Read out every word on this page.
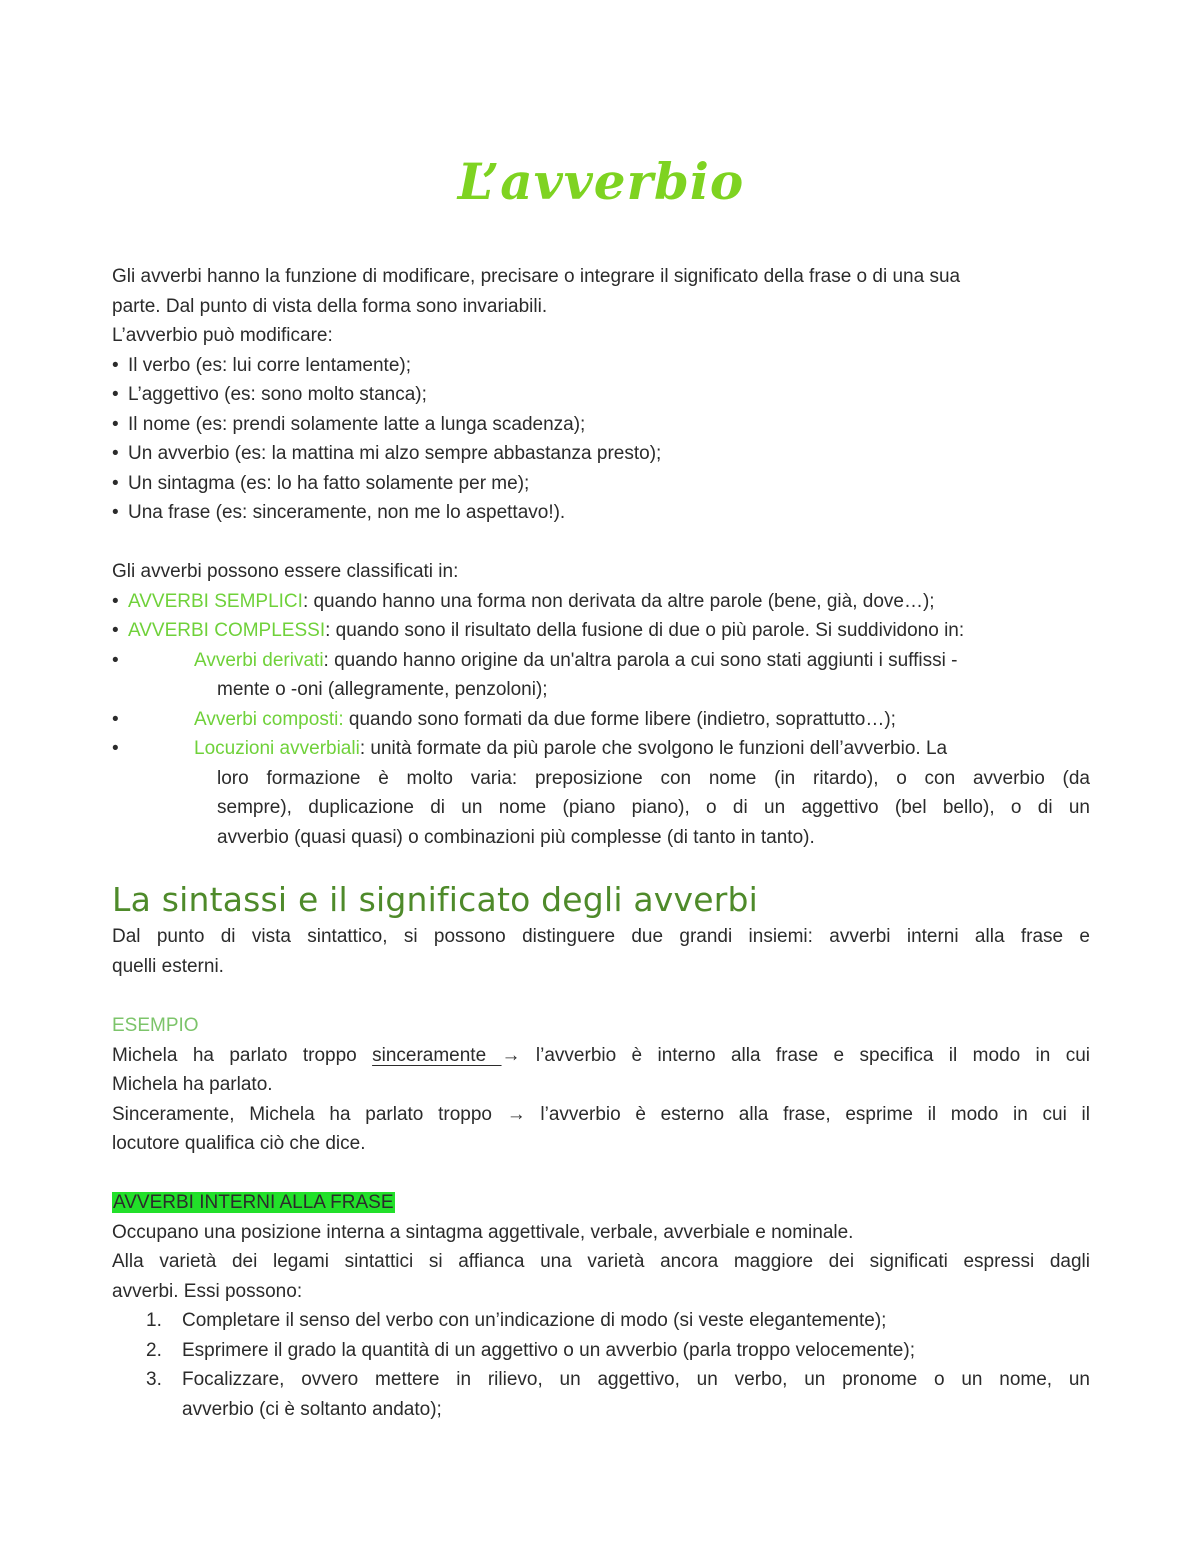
L’avverbio
Gli avverbi hanno la funzione di modificare, precisare o integrare il significato della frase o di una sua
parte. Dal punto di vista della forma sono invariabili.
L’avverbio può modificare:
• Il verbo (es: lui corre lentamente);
• L’aggettivo (es: sono molto stanca);
• Il nome (es: prendi solamente latte a lunga scadenza);
• Un avverbio (es: la mattina mi alzo sempre abbastanza presto);
• Un sintagma (es: lo ha fatto solamente per me);
• Una frase (es: sinceramente, non me lo aspettavo!).
Gli avverbi possono essere classificati in:
• AVVERBI SEMPLICI: quando hanno una forma non derivata da altre parole (bene, già, dove…);
• AVVERBI COMPLESSI: quando sono il risultato della fusione di due o più parole. Si suddividono in:
•	Avverbi derivati: quando hanno origine da un'altra parola a cui sono stati aggiunti i suffissi -
mente o -oni (allegramente, penzoloni);
•	Avverbi composti: quando sono formati da due forme libere (indietro, soprattutto…);
•	Locuzioni avverbiali: unità formate da più parole che svolgono le funzioni dell’avverbio. La
loro formazione è molto varia: preposizione con nome (in ritardo), o con avverbio (da
sempre), duplicazione di un nome (piano piano), o di un aggettivo (bel bello), o di un
avverbio (quasi quasi) o combinazioni più complesse (di tanto in tanto).
La sintassi e il significato degli avverbi
Dal punto di vista sintattico, si possono distinguere due grandi insiemi: avverbi interni alla frase e
quelli esterni.
ESEMPIO
Michela ha parlato troppo sinceramente → l’avverbio è interno alla frase e specifica il modo in cui
Michela ha parlato.
Sinceramente, Michela ha parlato troppo → l’avverbio è esterno alla frase, esprime il modo in cui il
locutore qualifica ciò che dice.
AVVERBI INTERNI ALLA FRASE
Occupano una posizione interna a sintagma aggettivale, verbale, avverbiale e nominale.
Alla varietà dei legami sintattici si affianca una varietà ancora maggiore dei significati espressi dagli
avverbi. Essi possono:
1. Completare il senso del verbo con un’indicazione di modo (si veste elegantemente);
2. Esprimere il grado la quantità di un aggettivo o un avverbio (parla troppo velocemente);
3. Focalizzare, ovvero mettere in rilievo, un aggettivo, un verbo, un pronome o un nome, un
avverbio (ci è soltanto andato);
